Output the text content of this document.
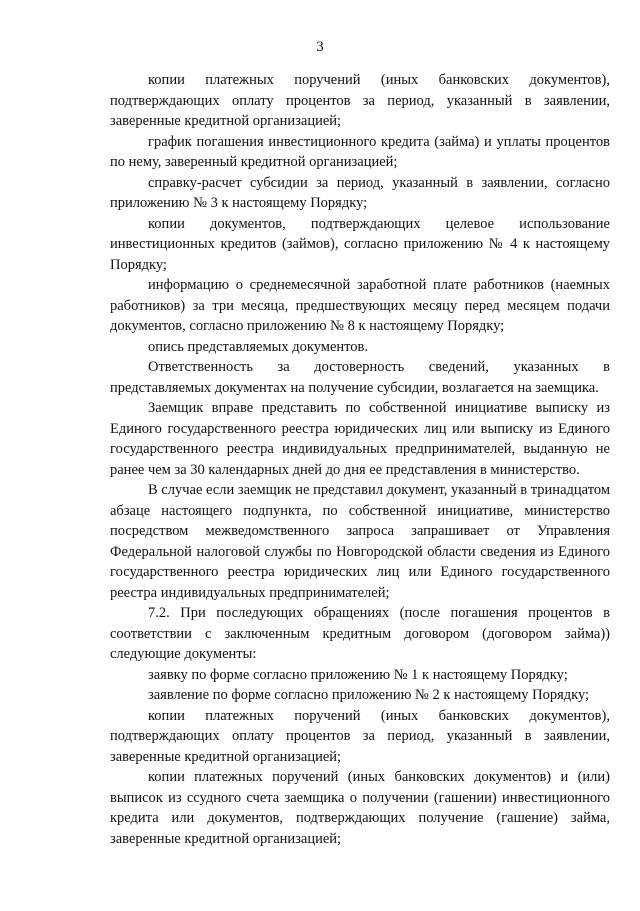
3

копии платежных поручений (иных банковских документов), подтверждающих оплату процентов за период, указанный в заявлении, заверенные кредитной организацией;

график погашения инвестиционного кредита (займа) и уплаты процентов по нему, заверенный кредитной организацией;

справку-расчет субсидии за период, указанный в заявлении, согласно приложению № 3 к настоящему Порядку;

копии документов, подтверждающих целевое использование инвестиционных кредитов (займов), согласно приложению № 4 к настоящему Порядку;

информацию о среднемесячной заработной плате работников (наемных работников) за три месяца, предшествующих месяцу перед месяцем подачи документов, согласно приложению № 8 к настоящему Порядку;

опись представляемых документов.

Ответственность за достоверность сведений, указанных в представляемых документах на получение субсидии, возлагается на заемщика.

Заемщик вправе представить по собственной инициативе выписку из Единого государственного реестра юридических лиц или выписку из Единого государственного реестра индивидуальных предпринимателей, выданную не ранее чем за 30 календарных дней до дня ее представления в министерство.

В случае если заемщик не представил документ, указанный в тринадцатом абзаце настоящего подпункта, по собственной инициативе, министерство посредством межведомственного запроса запрашивает от Управления Федеральной налоговой службы по Новгородской области сведения из Единого государственного реестра юридических лиц или Единого государственного реестра индивидуальных предпринимателей;

7.2. При последующих обращениях (после погашения процентов в соответствии с заключенным кредитным договором (договором займа)) следующие документы:

заявку по форме согласно приложению № 1 к настоящему Порядку;

заявление по форме согласно приложению № 2 к настоящему Порядку;

копии платежных поручений (иных банковских документов), подтверждающих оплату процентов за период, указанный в заявлении, заверенные кредитной организацией;

копии платежных поручений (иных банковских документов) и (или) выписок из ссудного счета заемщика о получении (гашении) инвестиционного кредита или документов, подтверждающих получение (гашение) займа, заверенные кредитной организацией;
